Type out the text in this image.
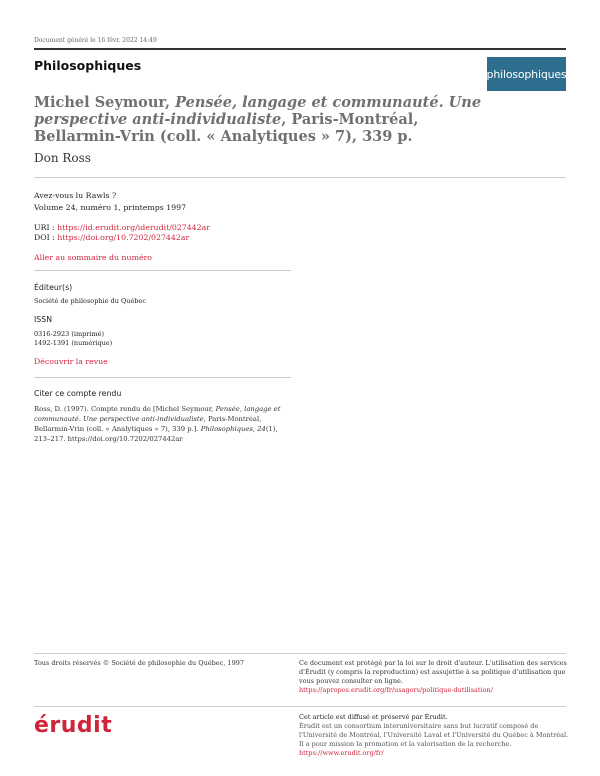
Document généré le 16 févr. 2022 14:49
Philosophiques
philosophiques
Michel Seymour, Pensée, langage et communauté. Une perspective anti-individualiste, Paris-Montréal, Bellarmin-Vrin (coll. « Analytiques » 7), 339 p.
Don Ross
Avez-vous lu Rawls ?
Volume 24, numéro 1, printemps 1997
URI : https://id.erudit.org/iderudit/027442ar
DOI : https://doi.org/10.7202/027442ar
Aller au sommaire du numéro
Éditeur(s)
Société de philosophie du Québec
ISSN
0316-2923 (imprimé)
1492-1391 (numérique)
Découvrir la revue
Citer ce compte rendu
Ross, D. (1997). Compte rendu de [Michel Seymour, Pensée, langage et communauté. Une perspective anti-individualiste, Paris-Montréal, Bellarmin-Vrin (coll. « Analytiques » 7), 339 p.]. Philosophiques, 24(1), 213–217. https://doi.org/10.7202/027442ar
Tous droits réservés © Société de philosophie du Québec, 1997	Ce document est protégé par la loi sur le droit d'auteur. L'utilisation des services d'Érudit (y compris la reproduction) est assujettie à sa politique d'utilisation que vous pouvez consulter en ligne.
https://apropos.erudit.org/fr/usagers/politique-dutilisation/
érudit	Cet article est diffusé et préservé par Érudit.
Érudit est un consortium interuniversitaire sans but lucratif composé de l'Université de Montréal, l'Université Laval et l'Université du Québec à Montréal. Il a pour mission la promotion et la valorisation de la recherche.
https://www.erudit.org/fr/
